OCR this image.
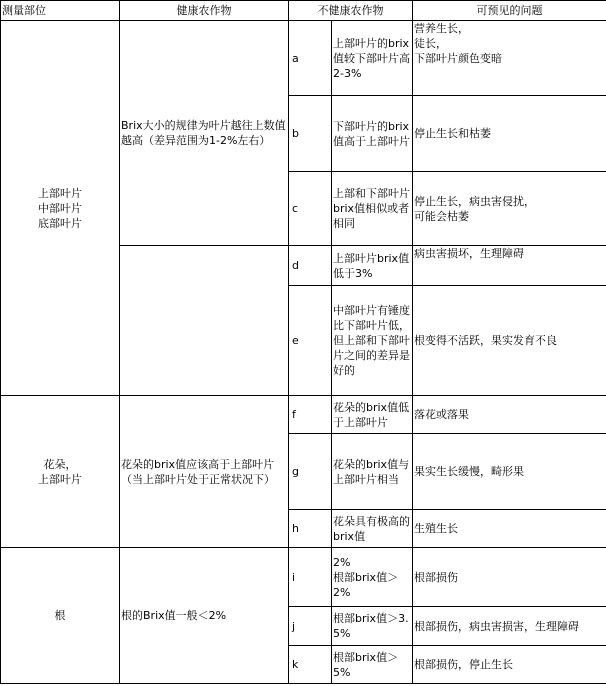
测量部位	健康农作物	不健康农作物		可预见的问题

上部叶片
中部叶片
底部叶片	Brix大小的规律为叶片越往上数值越高（差异范围为1-2%左右）	a	上部叶片的brix值较下部叶片高2-3%	营养生长，
徒长，
下部叶片颜色变暗

		b	下部叶片的brix值高于上部叶片	停止生长和枯萎

		c	上部和下部叶片brix值相似或者相同	停止生长，病虫害侵扰，
可能会枯萎

		d	上部叶片brix值低于3%	病虫害损坏，生理障碍

		e	中部叶片有锤度比下部叶片低，但上部和下部叶片之间的差异是好的	根变得不活跃，果实发育不良

花朵，
上部叶片	花朵的brix值应该高于上部叶片（当上部叶片处于正常状况下）	f	花朵的brix值低于上部叶片	落花或落果

		g	花朵的brix值与上部叶片相当	果实生长缓慢，畸形果

		h	花朵具有极高的brix值	生殖生长

根	根的Brix值一般＜2%	i	2%
根部brix值＞2%	根部损伤

		j	根部brix值＞3.5%	根部损伤，病虫害损害，生理障碍

		k	根部brix值＞5%	根部损伤，停止生长
